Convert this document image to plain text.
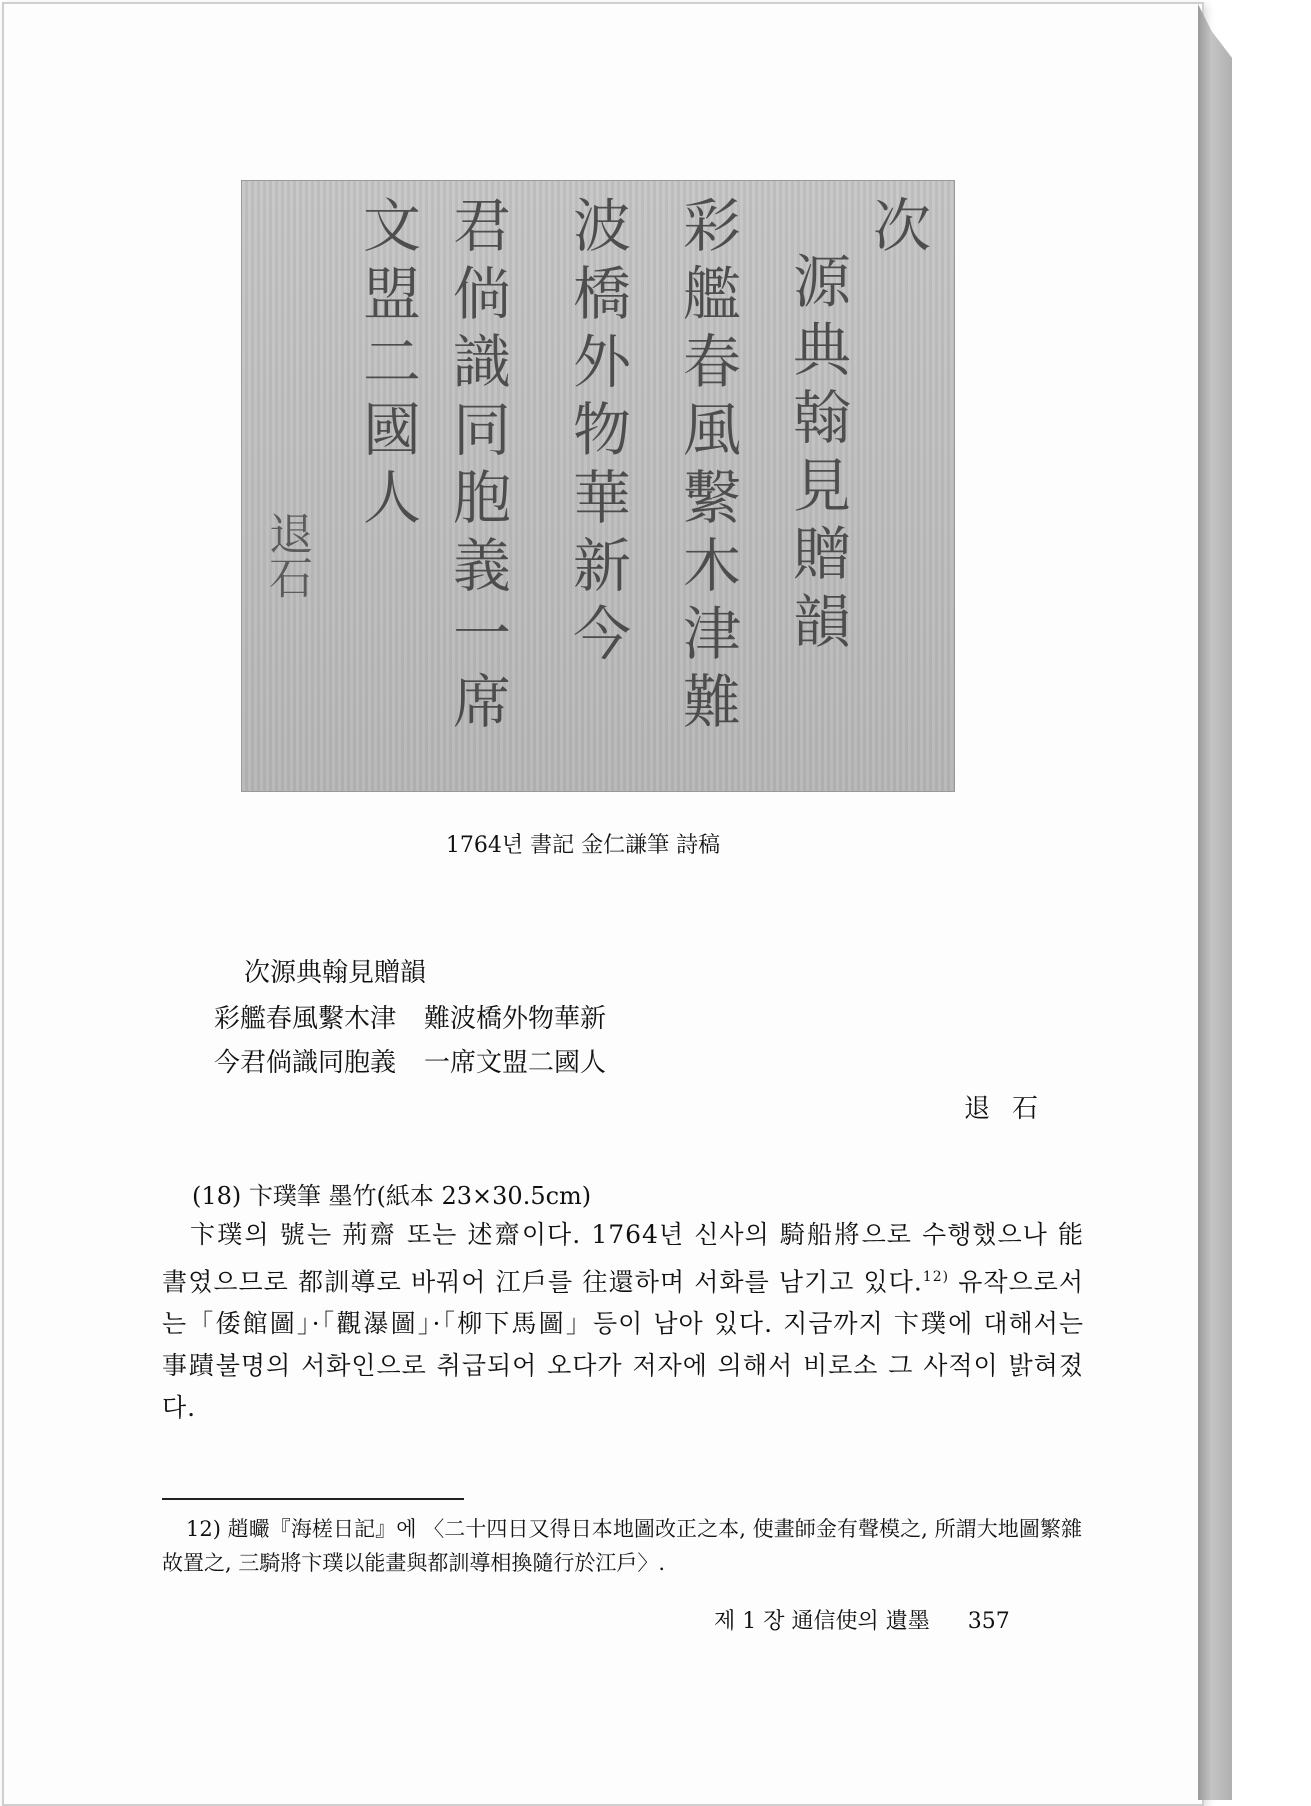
次
源典翰見贈韻
彩艦春風繫木津難
波橋外物華新今
君倘識同胞義一席
文盟二國人
退石
1764년 書記 金仁謙筆 詩稿
次源典翰見贈韻
彩艦春風繫木津 難波橋外物華新
今君倘識同胞義 一席文盟二國人
退石
(18) 卞璞筆 墨竹(紙本 23×30.5cm)
卞璞의 號는 荊齋 또는 述齋이다. 1764년 신사의 騎船將으로 수행했으나 能書였으므로 都訓導로 바꿔어 江戶를 往還하며 서화를 남기고 있다.$^{12)}$ 유작으로서는「倭館圖」·「觀瀑圖」·「柳下馬圖」등이 남아 있다. 지금까지 卞璞에 대해서는 事蹟불명의 서화인으로 취급되어 오다가 저자에 의해서 비로소 그 사적이 밝혀졌다.
12) 趙曮『海槎日記』에 〈二十四日又得日本地圖改正之本, 使畫師金有聲模之, 所謂大地圖繁雜故置之, 三騎將卞璞以能畫與都訓導相換隨行於江戶〉.
제 1 장 通信使의 遺墨 357
